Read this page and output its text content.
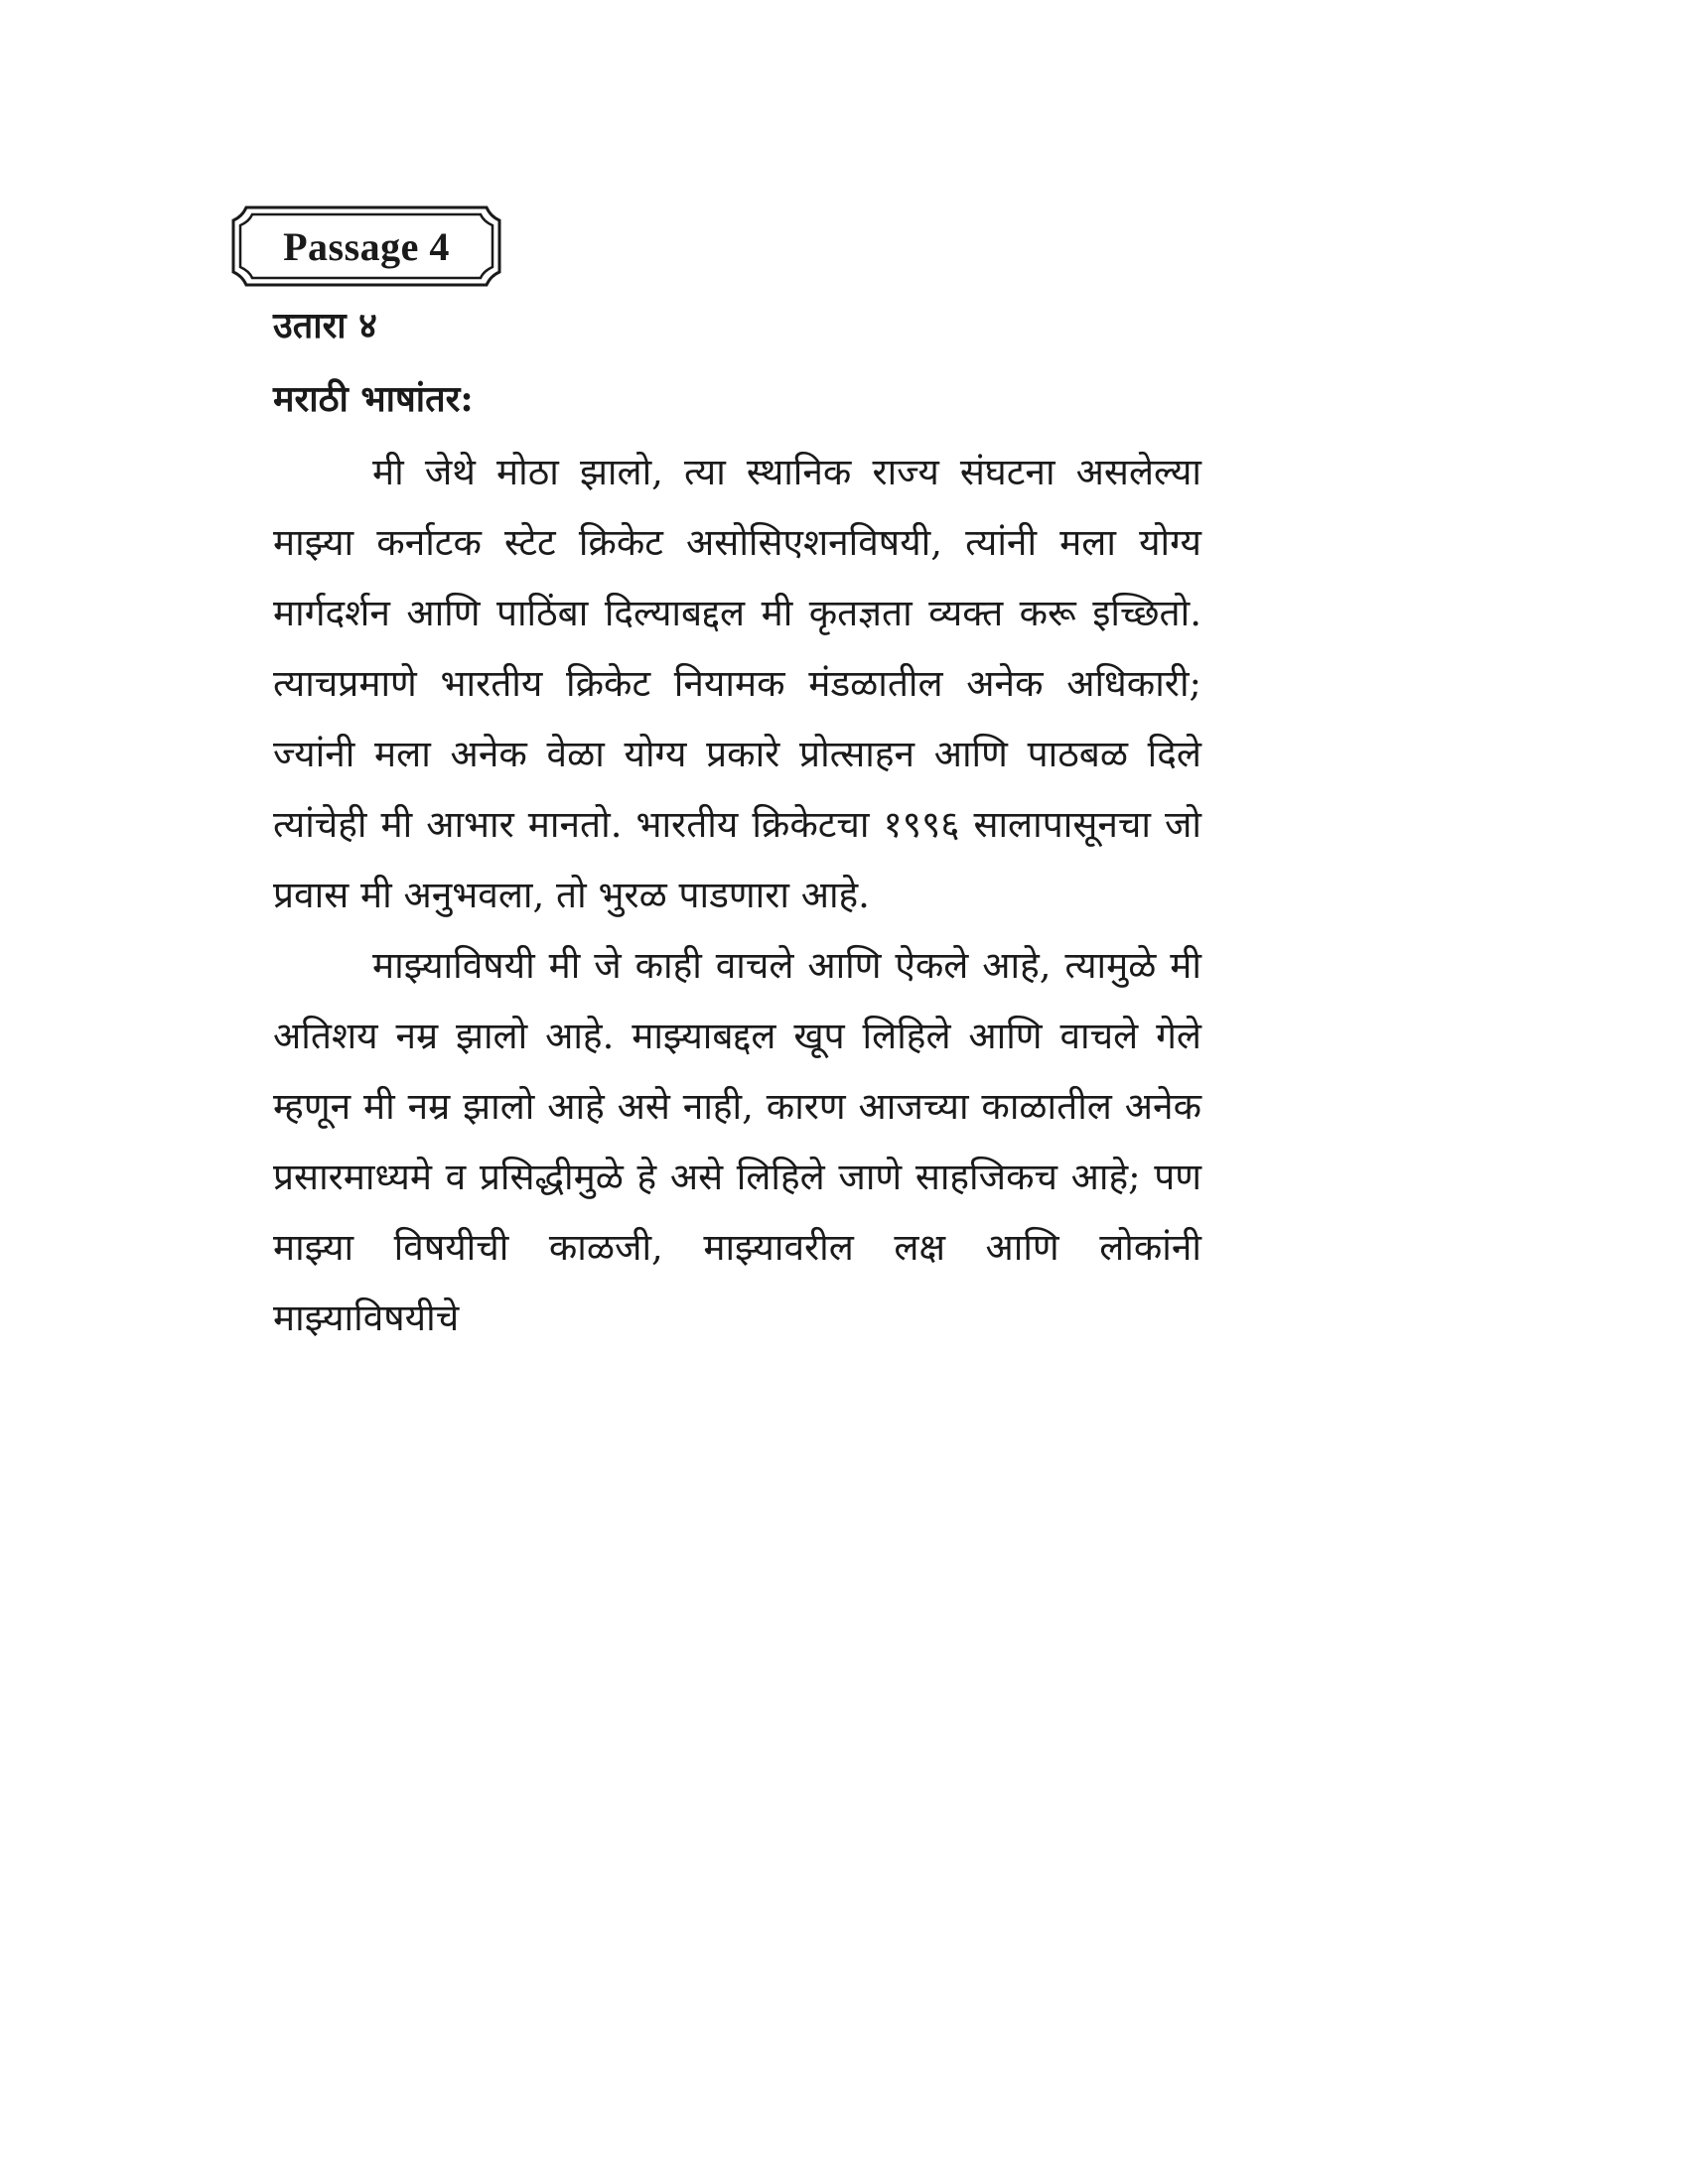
Passage 4
उतारा ४
मराठी भाषांतर:

मी जेथे मोठा झालो, त्या स्थानिक राज्य संघटना असलेल्या माझ्या कर्नाटक स्टेट क्रिकेट असोसिएशनविषयी, त्यांनी मला योग्य मार्गदर्शन आणि पाठिंबा दिल्याबद्दल मी कृतज्ञता व्यक्त करू इच्छितो. त्याचप्रमाणे भारतीय क्रिकेट नियामक मंडळातील अनेक अधिकारी; ज्यांनी मला अनेक वेळा योग्य प्रकारे प्रोत्साहन आणि पाठबळ दिले त्यांचेही मी आभार मानतो. भारतीय क्रिकेटचा १९९६ सालापासूनचा जो प्रवास मी अनुभवला, तो भुरळ पाडणारा आहे.

माझ्याविषयी मी जे काही वाचले आणि ऐकले आहे, त्यामुळे मी अतिशय नम्र झालो आहे. माझ्याबद्दल खूप लिहिले आणि वाचले गेले म्हणून मी नम्र झालो आहे असे नाही, कारण आजच्या काळातील अनेक प्रसारमाध्यमे व प्रसिद्धीमुळे हे असे लिहिले जाणे साहजिकच आहे; पण माझ्या विषयीची काळजी, माझ्यावरील लक्ष आणि लोकांनी माझ्याविषयीचे
